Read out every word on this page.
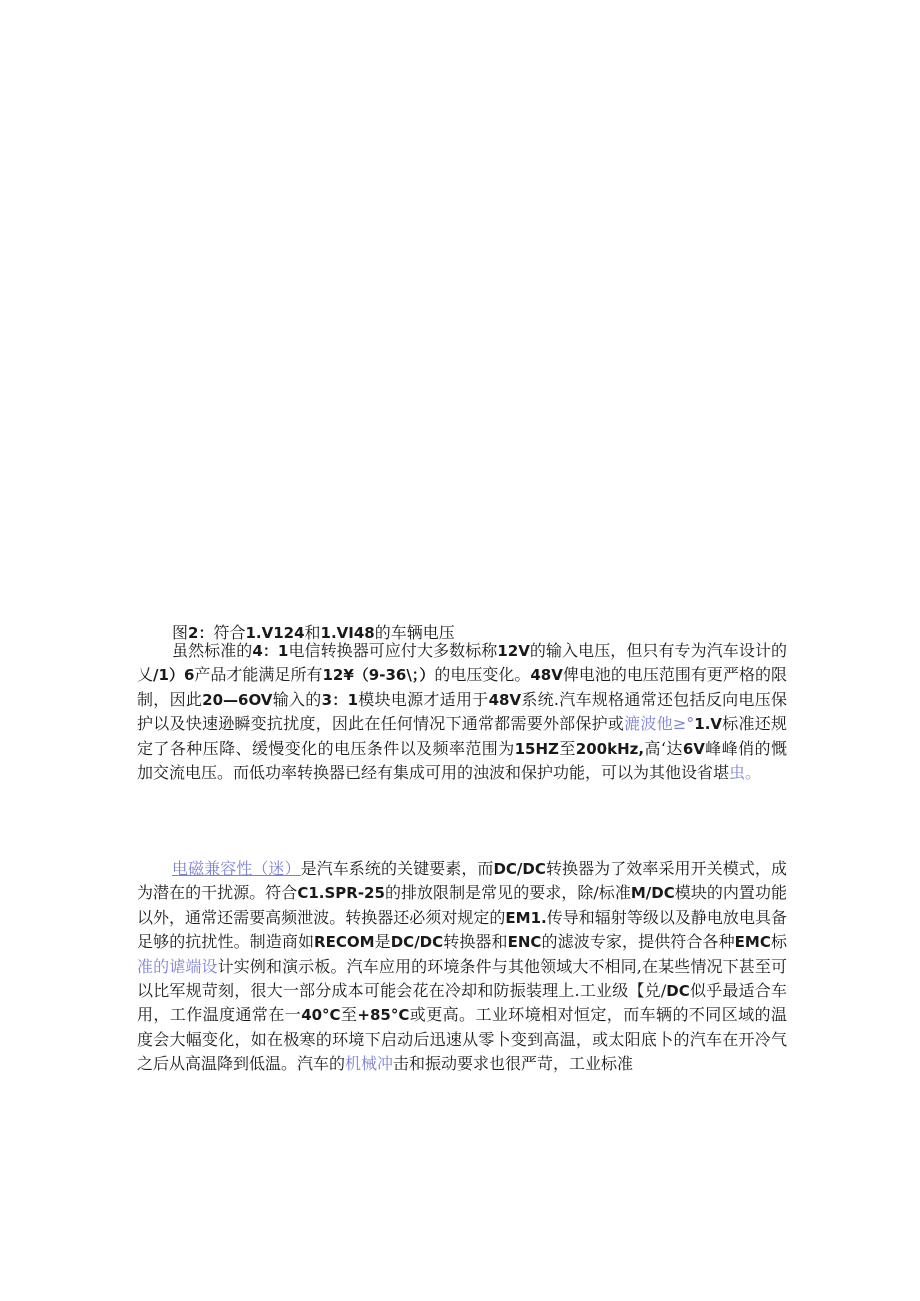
图2：符合1.V124和1.VI48的车辆电压

虽然标准的4：1电信转换器可应付大多数标称12V的输入电压，但只有专为汽车设计的乂/1）6产品才能满足所有12¥（9-36\；）的电压变化。48V俾电池的电压范围有更严格的限制，因此20—6OV输入的3：1模块电源才适用于48V系统.汽车规格通常还包括反向电压保护以及快速逊瞬变抗扰度，因此在任何情况下通常都需要外部保护或漉波他≥°1.V标准还规定了各种压降、缓慢变化的电压条件以及频率范围为15HZ至200kHz,高‘达6V峰峰俏的慨加交流电压。而低功率转换器已经有集成可用的浊波和保护功能，可以为其他设省堪虫。

电磁兼容性（迷）是汽车系统的关键要素，而DC/DC转换器为了效率采用开关模式，成为潜在的干扰源。符合C1.SPR-25的排放限制是常见的要求，除/标准M/DC模块的内置功能以外，通常还需要高频泄波。转换器还必须对规定的EM1.传导和辐射等级以及静电放电具备足够的抗扰性。制造商如RECOM是DC/DC转换器和ENC的滤波专家，提供符合各种EMC标准的谑端设计实例和演示板。汽车应用的环境条件与其他领域大不相同,在某些情况下甚至可以比军规苛刻，很大一部分成本可能会花在冷却和防振装理上.工业级【兑/DC似乎最适合车用，工作温度通常在一40°C至+85°C或更高。工业环境相对恒定，而车辆的不同区域的温度会大幅变化，如在极寒的环境下启动后迅速从零卜变到高温，或太阳底卜的汽车在开冷气之后从高温降到低温。汽车的机械冲击和振动要求也很严苛，工业标准
